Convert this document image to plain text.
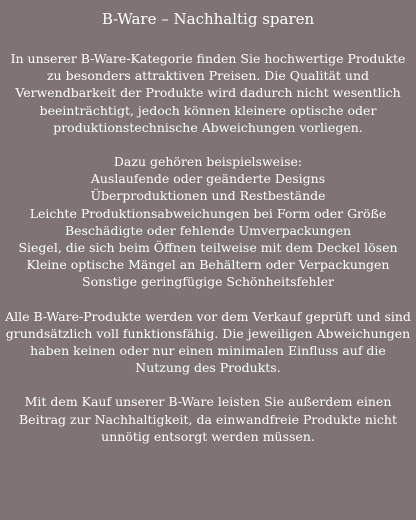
B-Ware – Nachhaltig sparen

In unserer B-Ware-Kategorie finden Sie hochwertige Produkte zu besonders attraktiven Preisen. Die Qualität und Verwendbarkeit der Produkte wird dadurch nicht wesentlich beeinträchtigt, jedoch können kleinere optische oder produktionstechnische Abweichungen vorliegen.

Dazu gehören beispielsweise:

Auslaufende oder geänderte Designs
Überproduktionen und Restbestände
Leichte Produktionsabweichungen bei Form oder Größe
Beschädigte oder fehlende Umverpackungen
Siegel, die sich beim Öffnen teilweise mit dem Deckel lösen
Kleine optische Mängel an Behältern oder Verpackungen
Sonstige geringfügige Schönheitsfehler

Alle B-Ware-Produkte werden vor dem Verkauf geprüft und sind grundsätzlich voll funktionsfähig. Die jeweiligen Abweichungen haben keinen oder nur einen minimalen Einfluss auf die Nutzung des Produkts.

Mit dem Kauf unserer B-Ware leisten Sie außerdem einen Beitrag zur Nachhaltigkeit, da einwandfreie Produkte nicht unnötig entsorgt werden müssen.
